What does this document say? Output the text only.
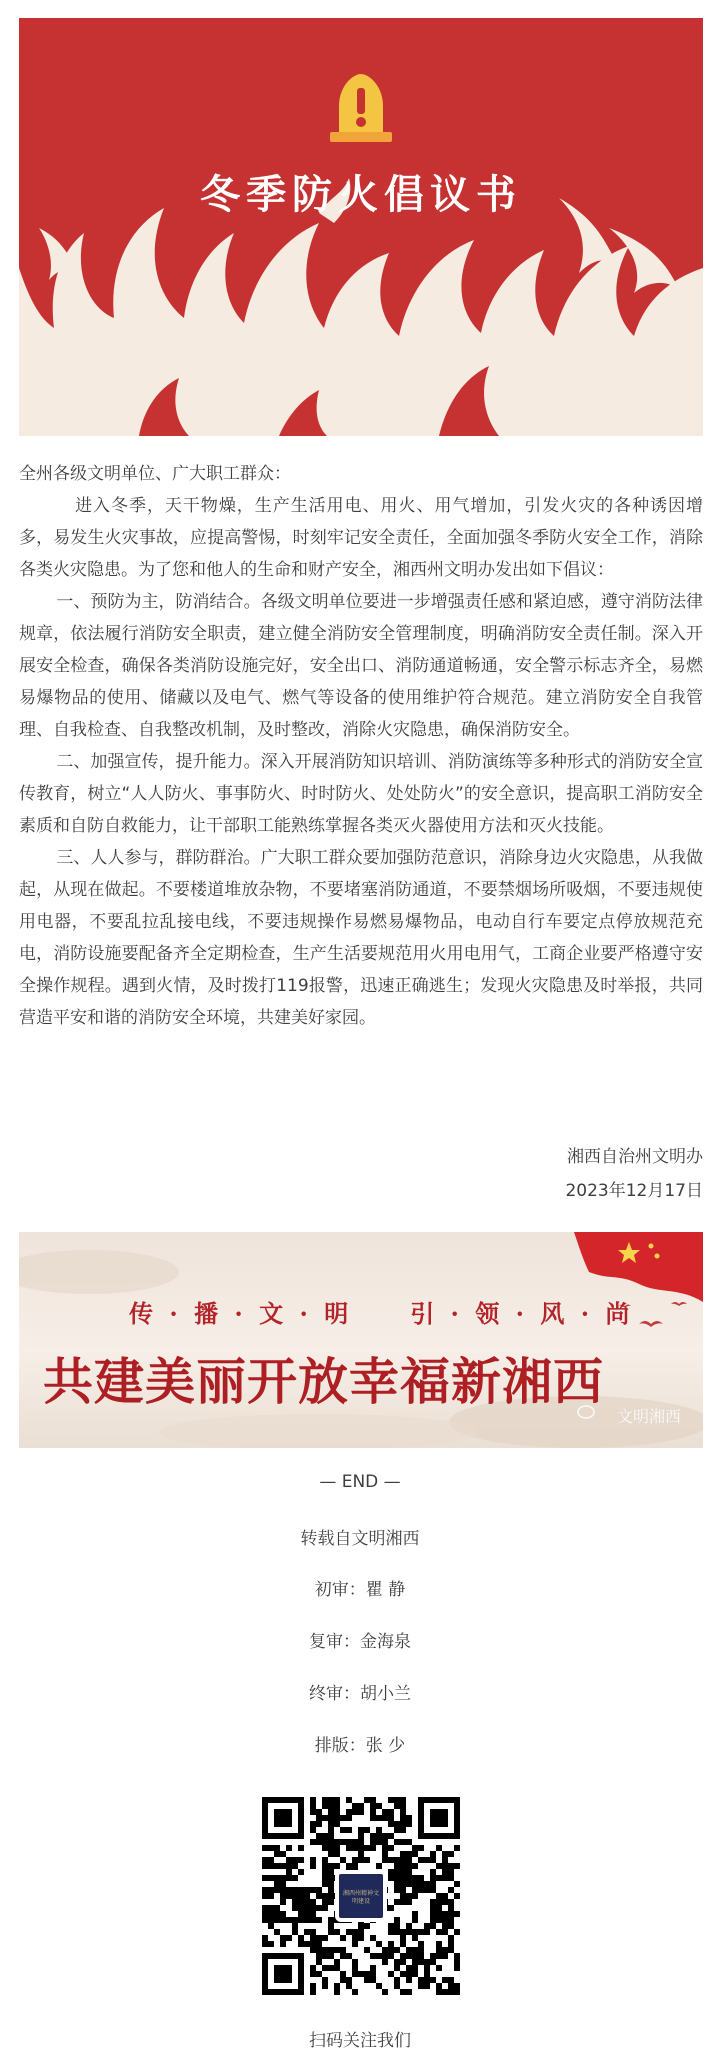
冬季防火倡议书

全州各级文明单位、广大职工群众：

进入冬季，天干物燥，生产生活用电、用火、用气增加，引发火灾的各种诱因增多，易发生火灾事故，应提高警惕，时刻牢记安全责任，全面加强冬季防火安全工作，消除各类火灾隐患。为了您和他人的生命和财产安全，湘西州文明办发出如下倡议：

一、预防为主，防消结合。各级文明单位要进一步增强责任感和紧迫感，遵守消防法律规章，依法履行消防安全职责，建立健全消防安全管理制度，明确消防安全责任制。深入开展安全检查，确保各类消防设施完好，安全出口、消防通道畅通，安全警示标志齐全，易燃易爆物品的使用、储藏以及电气、燃气等设备的使用维护符合规范。建立消防安全自我管理、自我检查、自我整改机制，及时整改，消除火灾隐患，确保消防安全。

二、加强宣传，提升能力。深入开展消防知识培训、消防演练等多种形式的消防安全宣传教育，树立“人人防火、事事防火、时时防火、处处防火”的安全意识，提高职工消防安全素质和自防自救能力，让干部职工能熟练掌握各类灭火器使用方法和灭火技能。

三、人人参与，群防群治。广大职工群众要加强防范意识，消除身边火灾隐患，从我做起，从现在做起。不要楼道堆放杂物，不要堵塞消防通道，不要禁烟场所吸烟，不要违规使用电器，不要乱拉乱接电线，不要违规操作易燃易爆物品，电动自行车要定点停放规范充电，消防设施要配备齐全定期检查，生产生活要规范用火用电用气，工商企业要严格遵守安全操作规程。遇到火情，及时拨打119报警，迅速正确逃生；发现火灾隐患及时举报，共同营造平安和谐的消防安全环境，共建美好家园。

湘西自治州文明办
2023年12月17日
传 · 播 · 文 · 明 引 · 领 · 风 · 尚
共建美丽开放幸福新湘西
文明湘西
— END —
转载自文明湘西
初审：瞿 静
复审：金海泉
终审：胡小兰
排版：张 少
湘西州精神文明建设
扫码关注我们
